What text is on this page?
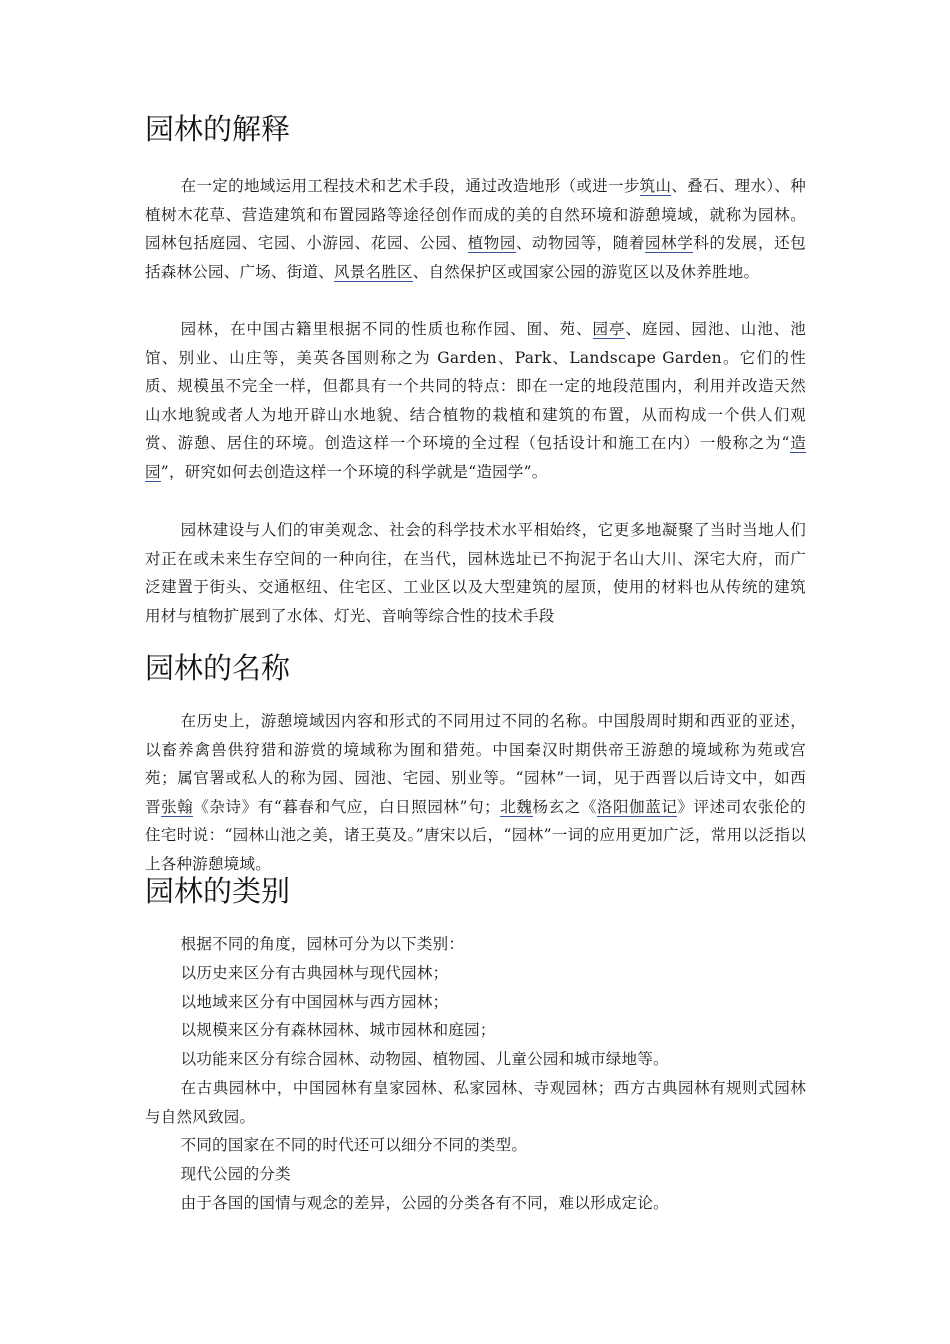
园林的解释

在一定的地域运用工程技术和艺术手段，通过改造地形（或进一步筑山、叠石、理水）、种植树木花草、营造建筑和布置园路等途径创作而成的美的自然环境和游憩境域，就称为园林。园林包括庭园、宅园、小游园、花园、公园、植物园、动物园等，随着园林学科的发展，还包括森林公园、广场、街道、风景名胜区、自然保护区或国家公园的游览区以及休养胜地。

园林，在中国古籍里根据不同的性质也称作园、囿、苑、园亭、庭园、园池、山池、池馆、别业、山庄等，美英各国则称之为 Garden、Park、Landscape Garden。它们的性质、规模虽不完全一样，但都具有一个共同的特点：即在一定的地段范围内，利用并改造天然山水地貌或者人为地开辟山水地貌、结合植物的栽植和建筑的布置，从而构成一个供人们观赏、游憩、居住的环境。创造这样一个环境的全过程（包括设计和施工在内）一般称之为“造园”，研究如何去创造这样一个环境的科学就是“造园学”。

园林建设与人们的审美观念、社会的科学技术水平相始终，它更多地凝聚了当时当地人们对正在或未来生存空间的一种向往，在当代，园林选址已不拘泥于名山大川、深宅大府，而广泛建置于街头、交通枢纽、住宅区、工业区以及大型建筑的屋顶，使用的材料也从传统的建筑用材与植物扩展到了水体、灯光、音响等综合性的技术手段

园林的名称

在历史上，游憩境域因内容和形式的不同用过不同的名称。中国殷周时期和西亚的亚述，以畜养禽兽供狩猎和游赏的境域称为囿和猎苑。中国秦汉时期供帝王游憩的境域称为苑或宫苑；属官署或私人的称为园、园池、宅园、别业等。“园林”一词，见于西晋以后诗文中，如西晋张翰《杂诗》有“暮春和气应，白日照园林”句；北魏杨玄之《洛阳伽蓝记》评述司农张伦的住宅时说：“园林山池之美，诸王莫及。”唐宋以后，“园林”一词的应用更加广泛，常用以泛指以上各种游憩境域。

园林的类别

根据不同的角度，园林可分为以下类别：

以历史来区分有古典园林与现代园林；

以地域来区分有中国园林与西方园林；

以规模来区分有森林园林、城市园林和庭园；

以功能来区分有综合园林、动物园、植物园、儿童公园和城市绿地等。

在古典园林中，中国园林有皇家园林、私家园林、寺观园林；西方古典园林有规则式园林与自然风致园。

不同的国家在不同的时代还可以细分不同的类型。

现代公园的分类

由于各国的国情与观念的差异，公园的分类各有不同，难以形成定论。
